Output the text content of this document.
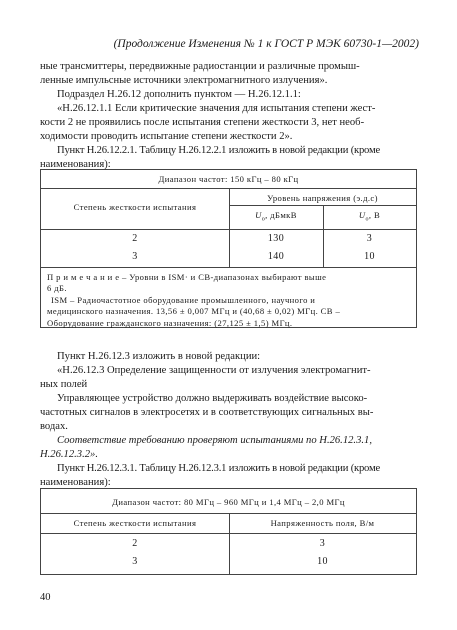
(Продолжение Изменения № 1 к ГОСТ Р МЭК 60730-1—2002)
ные трансмиттеры, передвижные радиостанции и различные промыш-
ленные импульсные источники электромагнитного излучения».
Подраздел Н.26.12 дополнить пунктом — Н.26.12.1.1:
«Н.26.12.1.1 Если критические значения для испытания степени жест-
кости 2 не проявились после испытания степени жесткости 3, нет необ-
ходимости проводить испытание степени жесткости 2».
Пункт Н.26.12.2.1. Таблицу Н.26.12.2.1 изложить в новой редакции (кроме
наименования):
Диапазон частот: 150 кГц – 80 кГц
Степень жесткости испытания
Уровень напряжения (э.д.с)
$U_o$, дБмкВ	$U_o$, В
2	130	3
3	140	10
П р и м е ч а н и е – Уровни в ISM· и СВ-диапазонах выбирают выше
6 дБ.
ISM – Радиочастотное оборудование промышленного, научного и
медицинского назначения. 13,56 ± 0,007 МГц и (40,68 ± 0,02) МГц. СВ –
Оборудование гражданского назначения: (27,125 ± 1,5) МГц.
Пункт Н.26.12.3 изложить в новой редакции:
«Н.26.12.3 Определение защищенности от излучения электромагнит-
ных полей
Управляющее устройство должно выдерживать воздействие высоко-
частотных сигналов в электросетях и в соответствующих сигнальных вы-
водах.
Соответствие требованию проверяют испытаниями по Н.26.12.3.1,
Н.26.12.3.2».
Пункт Н.26.12.3.1. Таблицу Н.26.12.3.1 изложить в новой редакции (кроме
наименования):
Диапазон частот: 80 МГц – 960 МГц и 1,4 МГц – 2,0 МГц
Степень жесткости испытания	Напряженность поля, В/м
2	3
3	10
40
